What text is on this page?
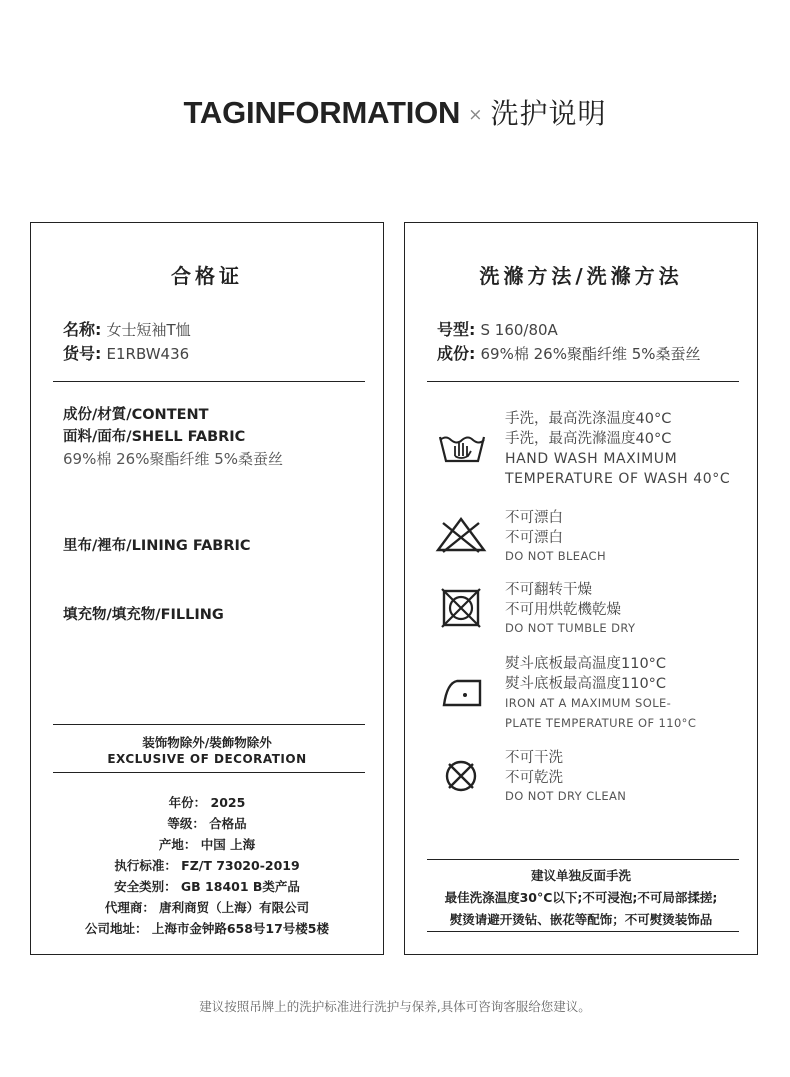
TAGINFORMATION × 洗护说明
合格证
名称: 女士短袖T恤
货号: E1RBW436
成份/材質/CONTENT
面料/面布/SHELL FABRIC
69%棉 26%聚酯纤维 5%桑蚕丝
里布/裡布/LINING FABRIC
填充物/填充物/FILLING
装饰物除外/裝飾物除外
EXCLUSIVE OF DECORATION
年份： 2025
等级： 合格品
产地： 中国 上海
执行标准： FZ/T 73020-2019
安全类别： GB 18401 B类产品
代理商： 唐利商贸（上海）有限公司
公司地址： 上海市金钟路658号17号楼5楼
洗滌方法/洗滌方法
号型: S 160/80A
成份: 69%棉 26%聚酯纤维 5%桑蚕丝
手洗，最高洗涤温度40°C
手洗，最高洗滌溫度40°C
HAND WASH MAXIMUM
TEMPERATURE OF WASH 40°C
不可漂白
不可漂白
DO NOT BLEACH
不可翻转干燥
不可用烘乾機乾燥
DO NOT TUMBLE DRY
熨斗底板最高温度110°C
熨斗底板最高溫度110°C
IRON AT A MAXIMUM SOLE-
PLATE TEMPERATURE OF 110°C
不可干洗
不可乾洗
DO NOT DRY CLEAN
建议单独反面手洗
最佳洗涤温度30°C以下;不可浸泡;不可局部揉搓;
熨烫请避开烫钻、嵌花等配饰；不可熨烫装饰品
建议按照吊牌上的洗护标准进行洗护与保养,具体可咨询客服给您建议。
